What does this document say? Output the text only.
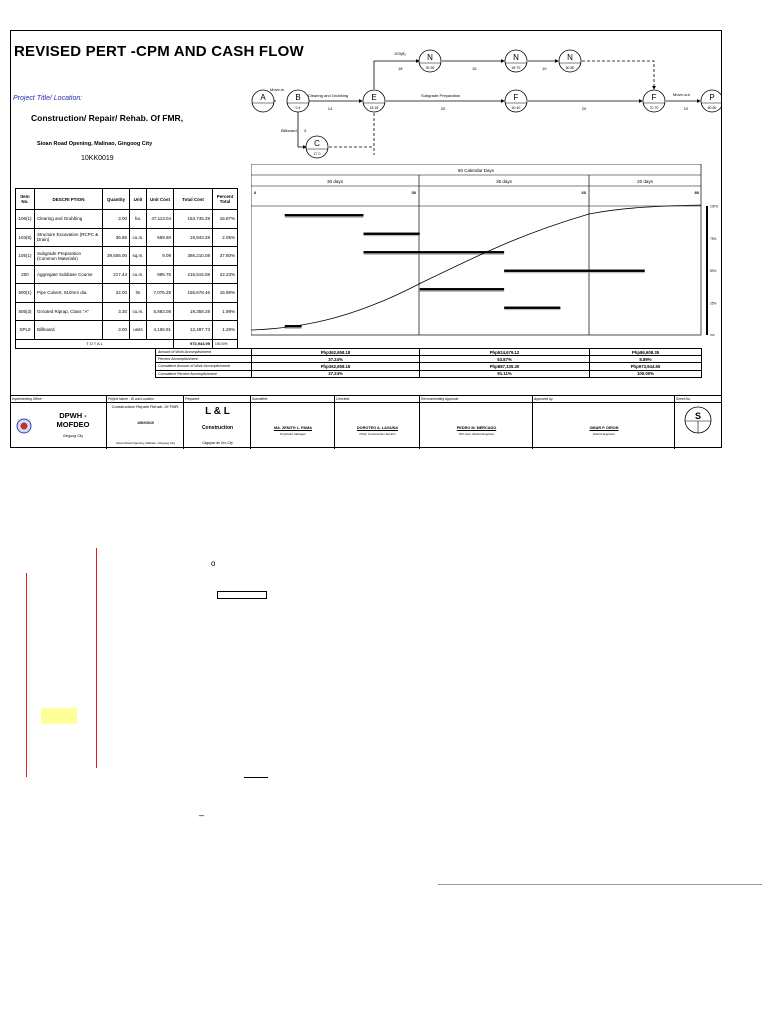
REVISED PERT -CPM AND CASH FLOW
Project Title/ Location:
Construction/ Repair/ Rehab. Of FMR,
Sioan Road Opening, Malinao, Gingoog City
10KK0019
A	B
0 4
E
18 18
N
39 39
N
45 70
N
50 80
F
40 40
F
70 70
P
80 80
C
17 0
Move-in
Clearing and Grubbing
14
Subgrade Preparation
20	20
Move-out
10
Billboard 3
103(8)
18	15	10
Item No.	DESCRI PTION	Quantity	Unit	Unit Cost	Total Cost	Percent Total
106(1)	Clearing and Grubbing	3.00	ha.	47,113.04	163,745.28	16.87%
103(6)	Structure Excavation (RCPC & Drain)	36.86	cu.m.	559.50	19,943.28	2.05%
105(1)	Subgrade Preparation (Common Materials)	39,606.00	sq.m.	9.09	366,210.08	37.60%
200	Aggregate Subbase Course	217.44	cu.m.	995.75	216,515.08	22.23%
500(1)	Pipe Culvert, 910mm dia.	22.00	lm	7,076.28	155,678.46	15.98%
505(3)	Grouted Riprap, Class "A"	3.30	cu.m.	5,883.08	19,358.28	1.99%
SPL9	Billboard	3.00	units	4,165.91	12,497.73	1.28%
T O T A L					973,944.95	100.00%
80 Calendar Days
30 days	35 days	20 days
0	30	60	80
100%
75%
50%
25%
0%
Amount of Work Accomplishment	Php362,658.18	Php524,679.12	Php86,608.35
Percent Accomplishment	37.24%	53.87%	8.89%
Cumulative Amount of Work Accomplishment	Php362,658.18	Php887,336.30	Php973,944.65
Cumulative Percent Accomplishment	37.24%	91.11%	100.00%
Implementing Office:
DPWH - MOFDEO
Gingoog City
Project Name , ID and Location
Construction/ Repair/ Rehab. Of FMR,
10KK0019
Sioan Road Opening, Malinao, Gingoog City
Prepared:
L & L
Construction
Cagayan de Oro City
Submitted:
MA. ZENITH L. PAMA
Proprietor Manager
Checked:
DOROTEO A. LAGUNA
Chief, Construction Section
Recommending Approval:
PEDRO M. MERCADO
OIC Asst. District Engineer
Approved by:
OMAR P. DIRON
District Engineer
Sheet No.
S
o
_
